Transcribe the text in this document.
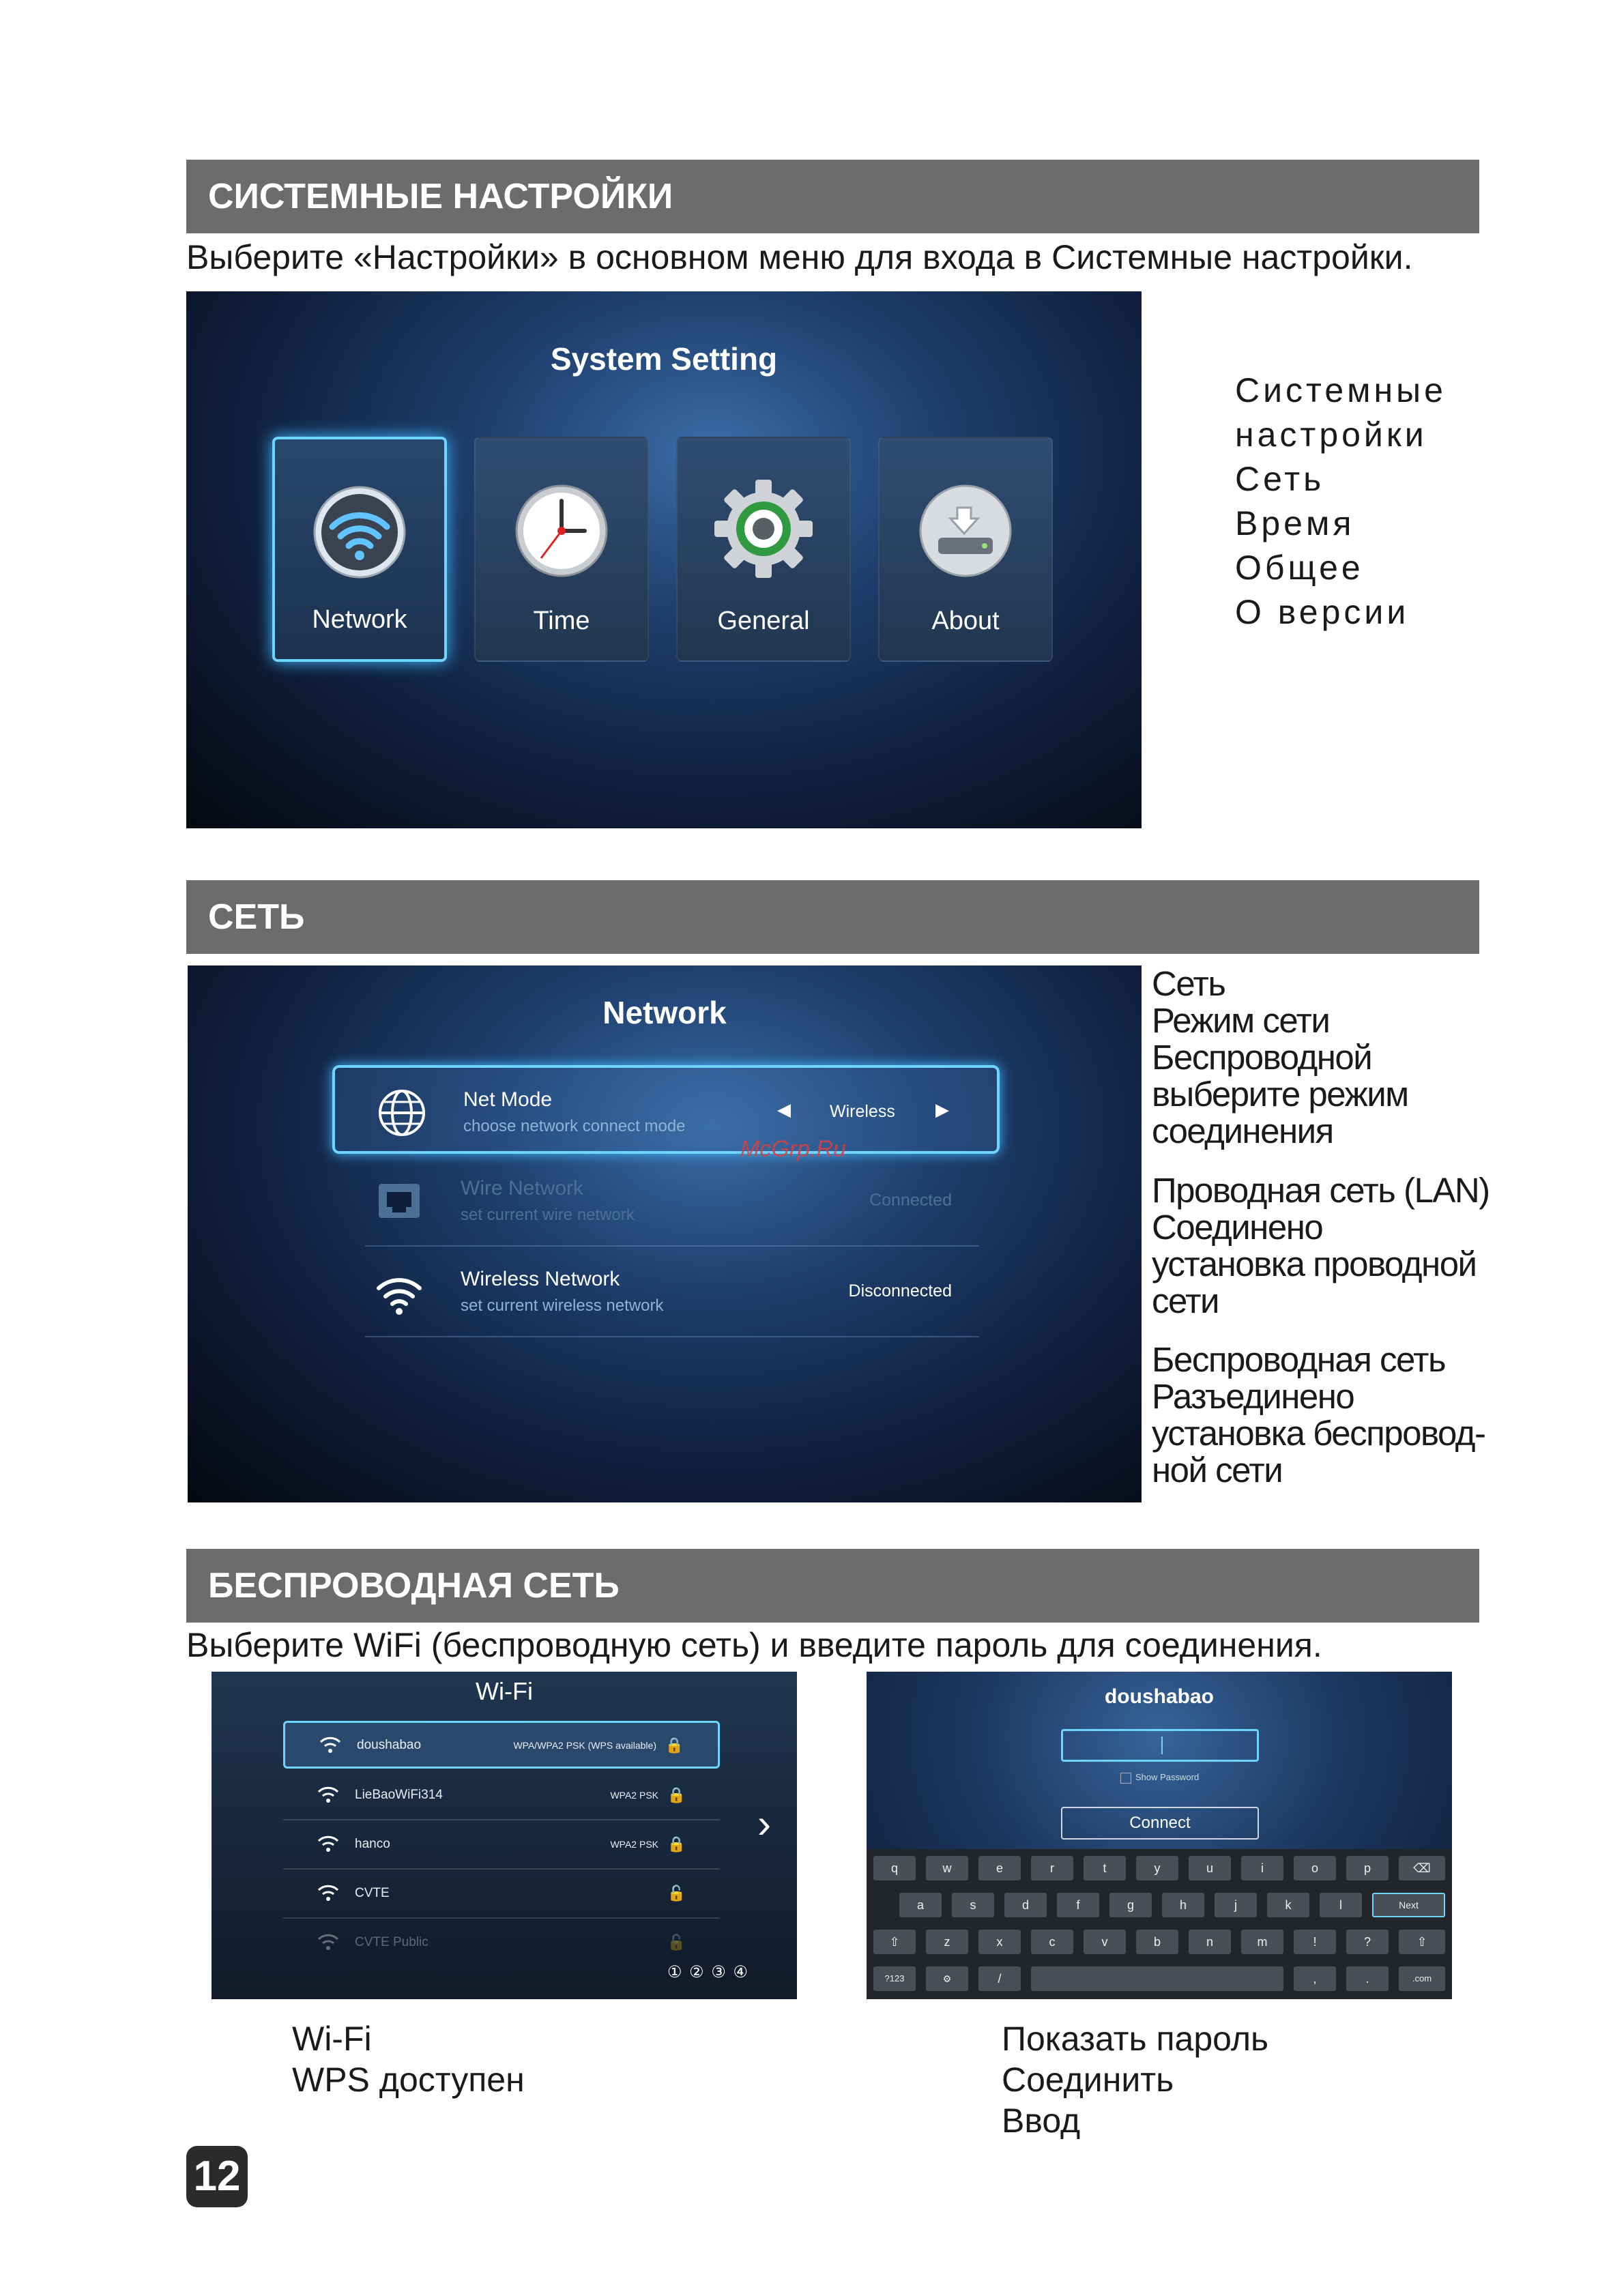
СИСТЕМНЫЕ НАСТРОЙКИ
Выберите «Настройки» в основном меню для входа в Системные настройки.
System Setting
Network	Time	General	About
Системные
настройки
Сеть
Время
Общее
О версии
СЕТЬ
Network
Net Mode
choose network connect mode
◀ Wireless ▶
Wire Network
set current wire network
Connected
Wireless Network
set current wireless network
Disconnected
McGrp.Ru
Сеть
Режим сети
Беспроводной
выберите режим
соединения
Проводная сеть (LAN)
Соединено
установка проводной
сети
Беспроводная сеть
Разъединено
установка беспровод-
ной сети
БЕСПРОВОДНАЯ СЕТЬ
Выберите WiFi (беспроводную сеть) и введите пароль для соединения.
Wi-Fi
doushabao	WPA/WPA2 PSK (WPS available) 🔒
LieBaoWiFi314	WPA2 PSK 🔒
hanco	WPA2 PSK 🔒
CVTE	🔓
CVTE Public	🔓
›
① ② ③ ④
doushabao
Show Password
Connect
q	w	e	r	t	y	u	i	o	p	⌫
a	s	d	f	g	h	j	k	l	Next
⇧	z	x	c	v	b	n	m	!	?	⇧
?123	⚙	/	,	.	.com
Wi-Fi
WPS доступен
Показать пароль
Соединить
Ввод
12
